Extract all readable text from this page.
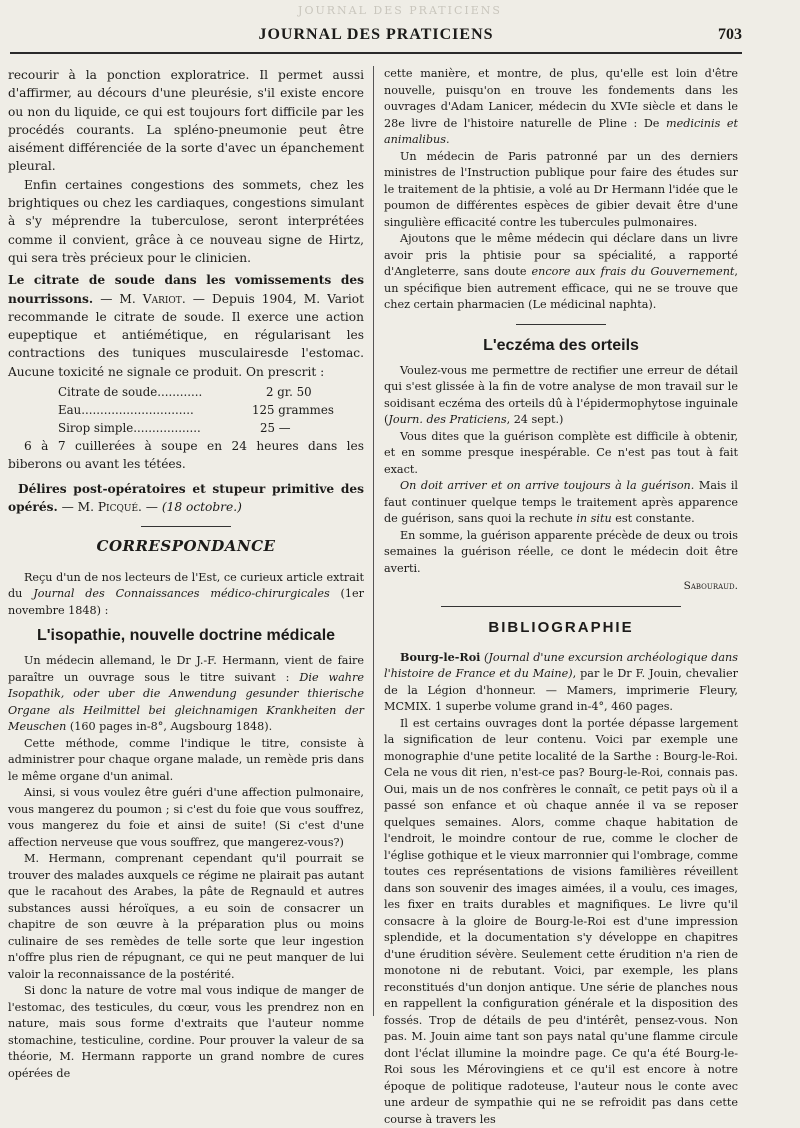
JOURNAL DES PRATICIENS	703
JOURNAL DES PRATICIENS

recourir à la ponction exploratrice. Il permet aussi d'affirmer, au décours d'une pleurésie, s'il existe encore ou non du liquide, ce qui est toujours fort difficile par les procédés courants. La spléno-pneumonie peut être aisément différenciée de la sorte d'avec un épanchement pleural.

Enfin certaines congestions des sommets, chez les brightiques ou chez les cardiaques, congestions simulant à s'y méprendre la tuberculose, seront interprétées comme il convient, grâce à ce nouveau signe de Hirtz, qui sera très précieux pour le clinicien.

Le citrate de soude dans les vomissements des nourrissons. — M. Variot. — Depuis 1904, M. Variot recommande le citrate de soude. Il exerce une action eupeptique et antiémétique, en régularisant les contractions des tuniques musculairesde l'estomac. Aucune toxicité ne signale ce produit. On prescrit :

Citrate de soude............	2 gr. 50
Eau..............................	125 grammes
Sirop simple..................	25 —

6 à 7 cuillerées à soupe en 24 heures dans les biberons ou avant les tétées.

Délires post-opératoires et stupeur primitive des opérés. — M. Picqué. — (18 octobre.)

CORRESPONDANCE

Reçu d'un de nos lecteurs de l'Est, ce curieux article extrait du Journal des Connaissances médico-chirurgicales (1er novembre 1848) :

L'isopathie, nouvelle doctrine médicale

Un médecin allemand, le Dr J.-F. Hermann, vient de faire paraître un ouvrage sous le titre suivant : Die wahre Isopathik, oder uber die Anwendung gesunder thierische Organe als Heilmittel bei gleichnamigen Krankheiten der Meuschen (160 pages in-8°, Augsbourg 1848).

Cette méthode, comme l'indique le titre, consiste à administrer pour chaque organe malade, un remède pris dans le même organe d'un animal.

Ainsi, si vous voulez être guéri d'une affection pulmonaire, vous mangerez du poumon ; si c'est du foie que vous souffrez, vous mangerez du foie et ainsi de suite! (Si c'est d'une affection nerveuse que vous souffrez, que mangerez-vous?)

M. Hermann, comprenant cependant qu'il pourrait se trouver des malades auxquels ce régime ne plairait pas autant que le racahout des Arabes, la pâte de Regnauld et autres substances aussi héroïques, a eu soin de consacrer un chapitre de son œuvre à la préparation plus ou moins culinaire de ses remèdes de telle sorte que leur ingestion n'offre plus rien de répugnant, ce qui ne peut manquer de lui valoir la reconnaissance de la postérité.

Si donc la nature de votre mal vous indique de manger de l'estomac, des testicules, du cœur, vous les prendrez non en nature, mais sous forme d'extraits que l'auteur nomme stomachine, testiculine, cordine. Pour prouver la valeur de sa théorie, M. Hermann rapporte un grand nombre de cures opérées de

cette manière, et montre, de plus, qu'elle est loin d'être nouvelle, puisqu'on en trouve les fondements dans les ouvrages d'Adam Lanicer, médecin du XVIe siècle et dans le 28e livre de l'histoire naturelle de Pline : De medicinis et animalibus.

Un médecin de Paris patronné par un des derniers ministres de l'Instruction publique pour faire des études sur le traitement de la phtisie, a volé au Dr Hermann l'idée que le poumon de différentes espèces de gibier devait être d'une singulière efficacité contre les tubercules pulmonaires.

Ajoutons que le même médecin qui déclare dans un livre avoir pris la phtisie pour sa spécialité, a rapporté d'Angleterre, sans doute encore aux frais du Gouvernement, un spécifique bien autrement efficace, qui ne se trouve que chez certain pharmacien (Le médicinal naphta).

L'eczéma des orteils

Voulez-vous me permettre de rectifier une erreur de détail qui s'est glissée à la fin de votre analyse de mon travail sur le soidisant eczéma des orteils dû à l'épidermophytose inguinale (Journ. des Praticiens, 24 sept.)

Vous dites que la guérison complète est difficile à obtenir, et en somme presque inespérable. Ce n'est pas tout à fait exact.

On doit arriver et on arrive toujours à la guérison. Mais il faut continuer quelque temps le traitement après apparence de guérison, sans quoi la rechute in situ est constante.

En somme, la guérison apparente précède de deux ou trois semaines la guérison réelle, ce dont le médecin doit être averti.

Sabouraud.
BIBLIOGRAPHIE

Bourg-le-Roi (Journal d'une excursion archéologique dans l'histoire de France et du Maine), par le Dr F. Jouin, chevalier de la Légion d'honneur. — Mamers, imprimerie Fleury, MCMIX. 1 superbe volume grand in-4°, 460 pages.

Il est certains ouvrages dont la portée dépasse largement la signification de leur contenu. Voici par exemple une monographie d'une petite localité de la Sarthe : Bourg-le-Roi. Cela ne vous dit rien, n'est-ce pas? Bourg-le-Roi, connais pas. Oui, mais un de nos confrères le connaît, ce petit pays où il a passé son enfance et où chaque année il va se reposer quelques semaines. Alors, comme chaque habitation de l'endroit, le moindre contour de rue, comme le clocher de l'église gothique et le vieux marronnier qui l'ombrage, comme toutes ces représentations de visions familières réveillent dans son souvenir des images aimées, il a voulu, ces images, les fixer en traits durables et magnifiques. Le livre qu'il consacre à la gloire de Bourg-le-Roi est d'une impression splendide, et la documentation s'y développe en chapitres d'une érudition sévère. Seulement cette érudition n'a rien de monotone ni de rebutant. Voici, par exemple, les plans reconstitués d'un donjon antique. Une série de planches nous en rappellent la configuration générale et la disposition des fossés. Trop de détails de peu d'intérêt, pensez-vous. Non pas. M. Jouin aime tant son pays natal qu'une flamme circule dont l'éclat illumine la moindre page. Ce qu'a été Bourg-le-Roi sous les Mérovingiens et ce qu'il est encore à notre époque de politique radoteuse, l'auteur nous le conte avec une ardeur de sympathie qui ne se refroidit pas dans cette course à travers les
